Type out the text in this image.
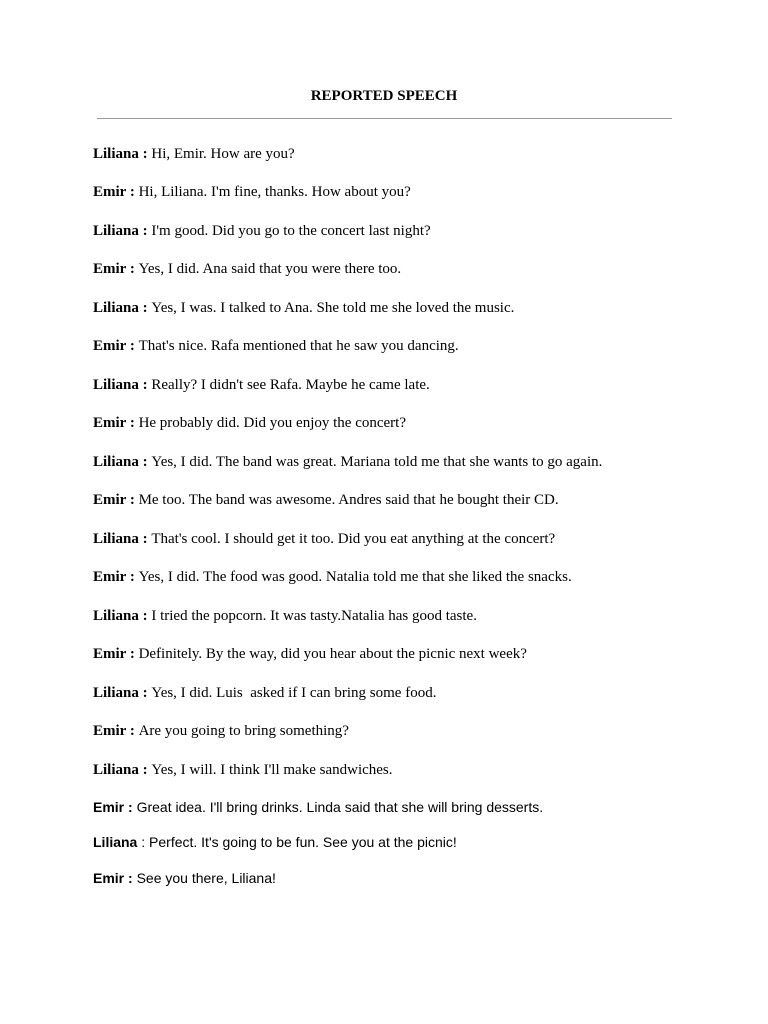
REPORTED SPEECH

Liliana : Hi, Emir. How are you?

Emir : Hi, Liliana. I'm fine, thanks. How about you?

Liliana : I'm good. Did you go to the concert last night?

Emir : Yes, I did. Ana said that you were there too.

Liliana : Yes, I was. I talked to Ana. She told me she loved the music.

Emir : That's nice. Rafa mentioned that he saw you dancing.

Liliana : Really? I didn't see Rafa. Maybe he came late.

Emir : He probably did. Did you enjoy the concert?

Liliana : Yes, I did. The band was great. Mariana told me that she wants to go again.

Emir : Me too. The band was awesome. Andres said that he bought their CD.

Liliana : That's cool. I should get it too. Did you eat anything at the concert?

Emir : Yes, I did. The food was good. Natalia told me that she liked the snacks.

Liliana : I tried the popcorn. It was tasty.Natalia has good taste.

Emir : Definitely. By the way, did you hear about the picnic next week?

Liliana : Yes, I did. Luis  asked if I can bring some food.

Emir : Are you going to bring something?

Liliana : Yes, I will. I think I'll make sandwiches.

Emir : Great idea. I'll bring drinks. Linda said that she will bring desserts.

Liliana : Perfect. It's going to be fun. See you at the picnic!

Emir : See you there, Liliana!
